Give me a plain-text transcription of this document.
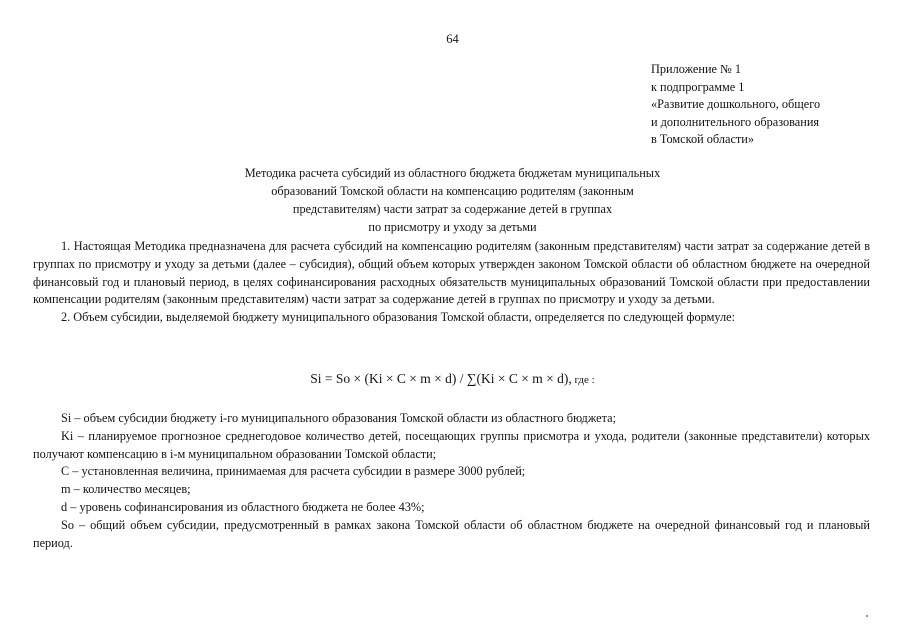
64
Приложение № 1
к подпрограмме 1
«Развитие дошкольного, общего
и дополнительного образования
в Томской области»
Методика расчета субсидий из областного бюджета бюджетам муниципальных
образований Томской области на компенсацию родителям (законным
представителям) части затрат за содержание детей в группах
по присмотру и уходу за детьми

1. Настоящая Методика предназначена для расчета субсидий на компенсацию родителям (законным представителям) части затрат за содержание детей в группах по присмотру и уходу за детьми (далее – субсидия), общий объем которых утвержден законом Томской области об областном бюджете на очередной финансовый год и плановый период, в целях софинансирования расходных обязательств муниципальных образований Томской области при предоставлении компенсации родителям (законным представителям) части затрат за содержание детей в группах по присмотру и уходу за детьми.

2. Объем субсидии, выделяемой бюджету муниципального образования Томской области, определяется по следующей формуле:

Si = So × (Ki × C × m × d) / ∑(Ki × C × m × d), где :

Si – объем субсидии бюджету i-го муниципального образования Томской области из областного бюджета;

Ki – планируемое прогнозное среднегодовое количество детей, посещающих группы присмотра и ухода, родители (законные представители) которых получают компенсацию в i-м муниципальном образовании Томской области;

С – установленная величина, принимаемая для расчета субсидии в размере 3000 рублей;

m – количество месяцев;

d – уровень софинансирования из областного бюджета не более 43%;

So – общий объем субсидии, предусмотренный в рамках закона Томской области об областном бюджете на очередной финансовый год и плановый период.
